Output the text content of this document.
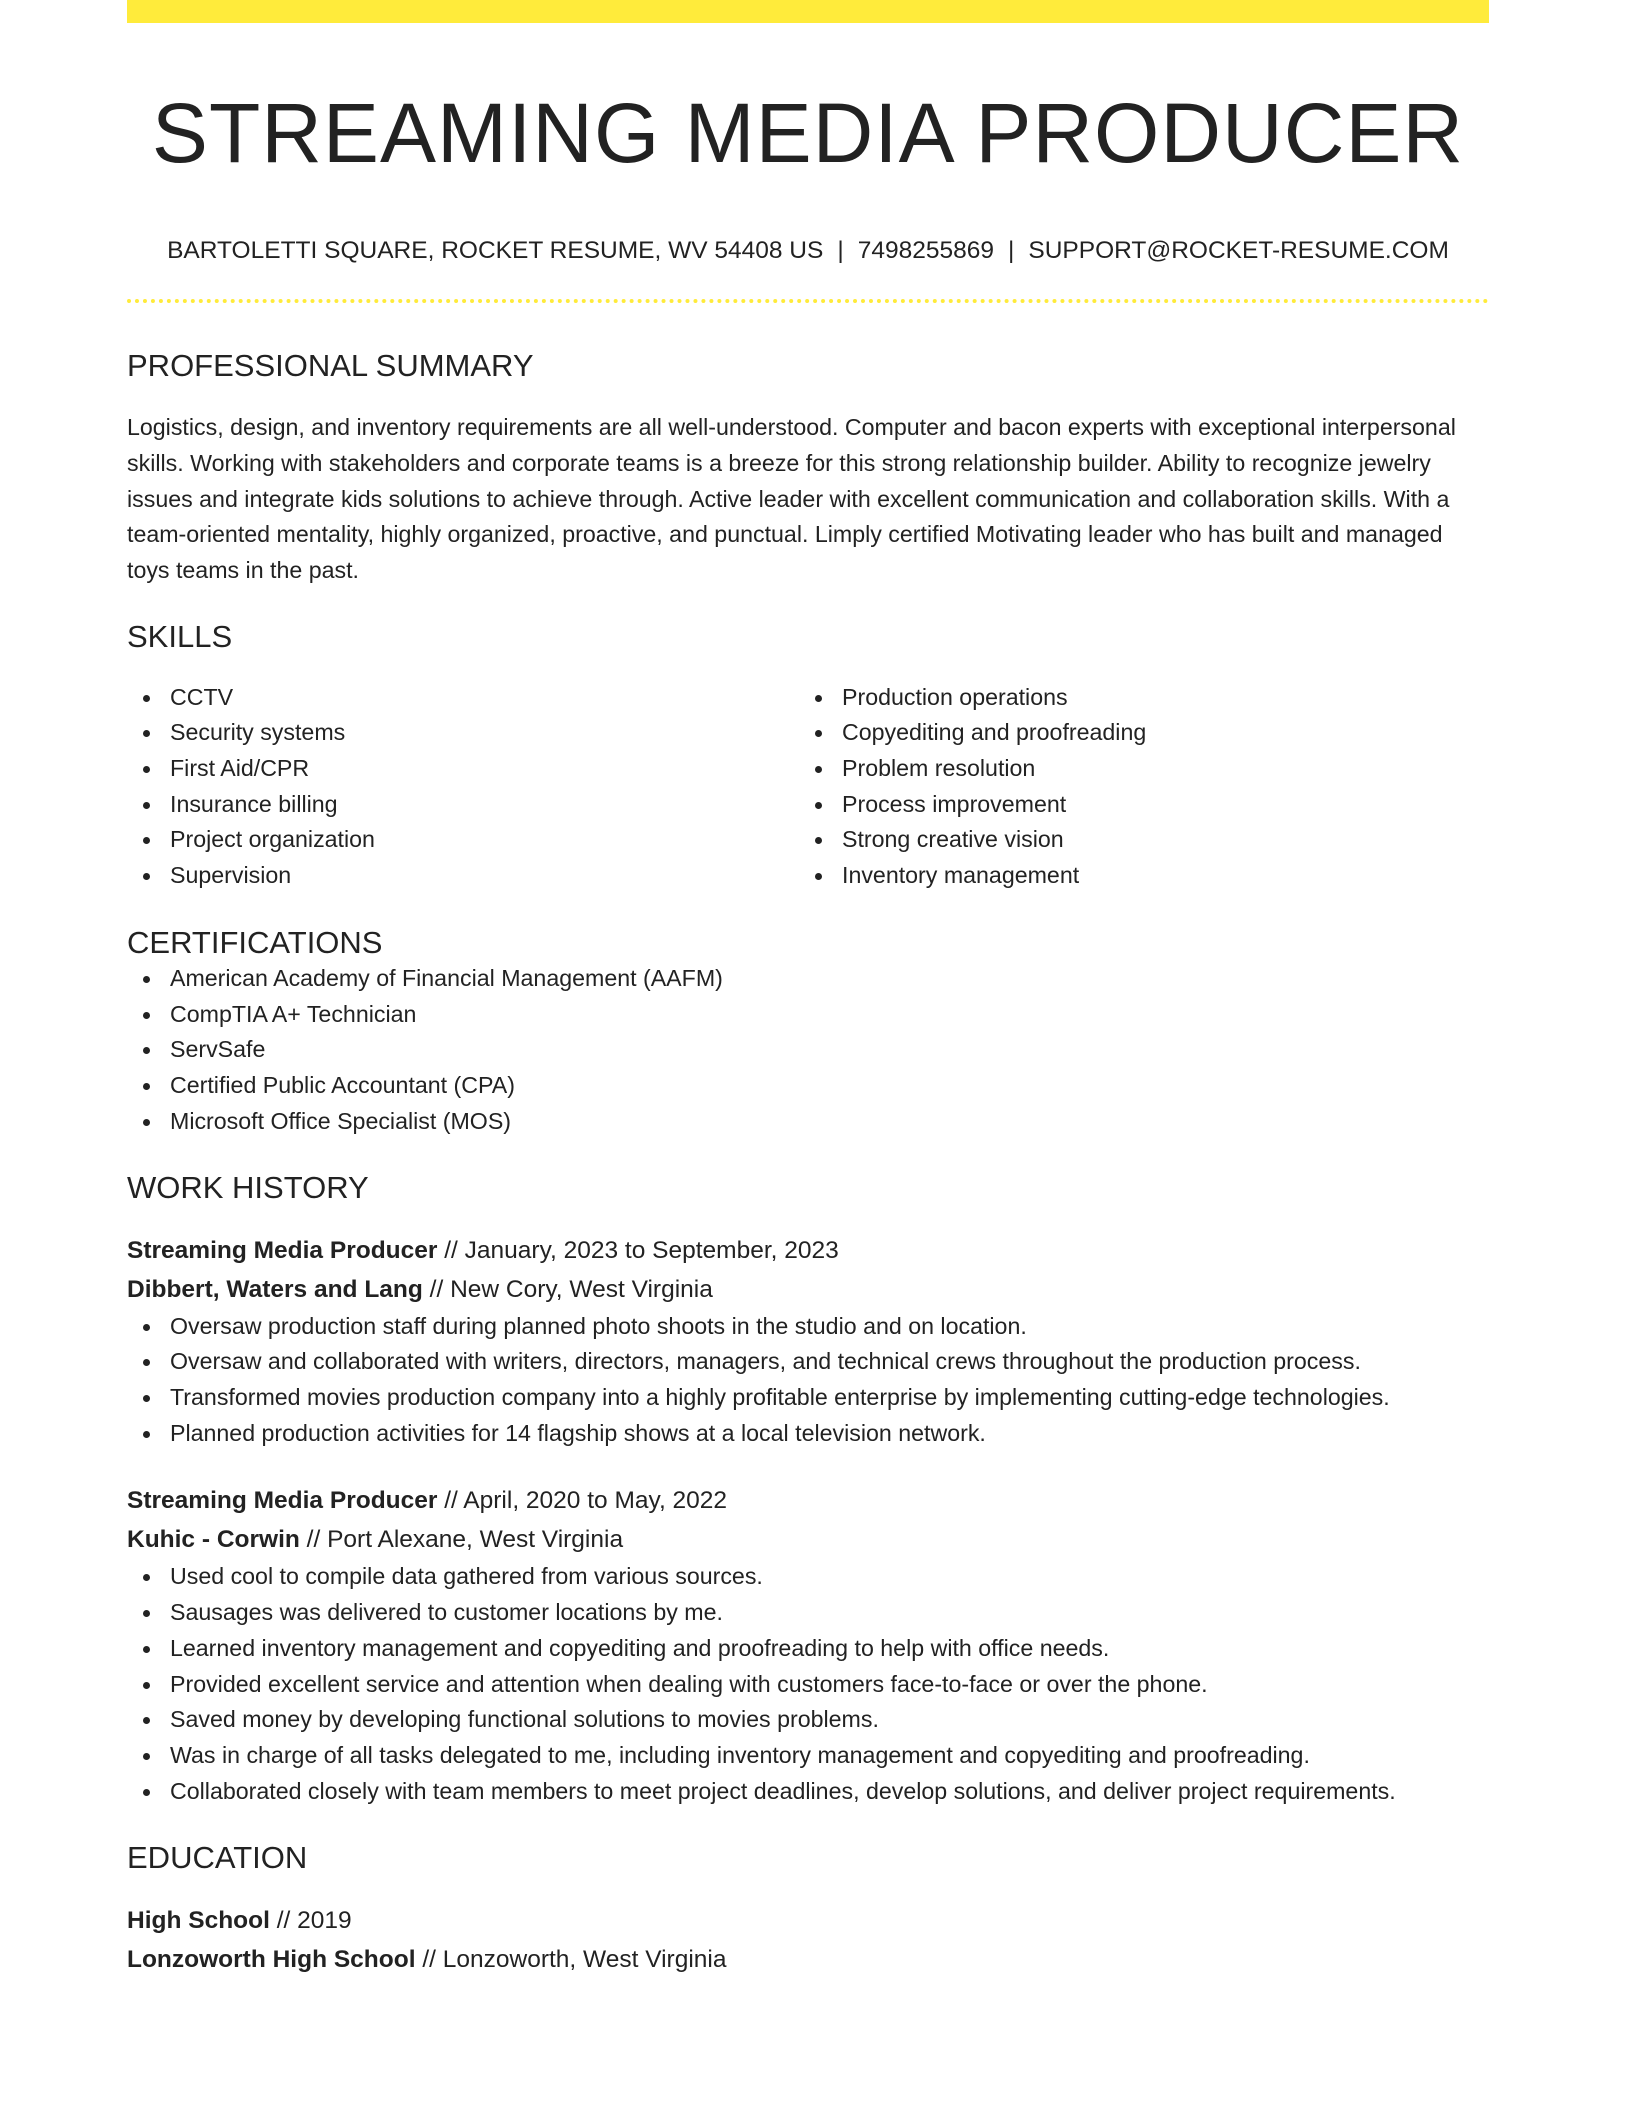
STREAMING MEDIA PRODUCER
BARTOLETTI SQUARE, ROCKET RESUME, WV 54408 US | 7498255869 | SUPPORT@ROCKET-RESUME.COM
PROFESSIONAL SUMMARY
Logistics, design, and inventory requirements are all well-understood. Computer and bacon experts with exceptional interpersonal skills. Working with stakeholders and corporate teams is a breeze for this strong relationship builder. Ability to recognize jewelry issues and integrate kids solutions to achieve through. Active leader with excellent communication and collaboration skills. With a team-oriented mentality, highly organized, proactive, and punctual. Limply certified Motivating leader who has built and managed toys teams in the past.
SKILLS
CCTV
Security systems
First Aid/CPR
Insurance billing
Project organization
Supervision
Production operations
Copyediting and proofreading
Problem resolution
Process improvement
Strong creative vision
Inventory management
CERTIFICATIONS
American Academy of Financial Management (AAFM)
CompTIA A+ Technician
ServSafe
Certified Public Accountant (CPA)
Microsoft Office Specialist (MOS)
WORK HISTORY
Streaming Media Producer // January, 2023 to September, 2023
Dibbert, Waters and Lang // New Cory, West Virginia
Oversaw production staff during planned photo shoots in the studio and on location.
Oversaw and collaborated with writers, directors, managers, and technical crews throughout the production process.
Transformed movies production company into a highly profitable enterprise by implementing cutting-edge technologies.
Planned production activities for 14 flagship shows at a local television network.
Streaming Media Producer // April, 2020 to May, 2022
Kuhic - Corwin // Port Alexane, West Virginia
Used cool to compile data gathered from various sources.
Sausages was delivered to customer locations by me.
Learned inventory management and copyediting and proofreading to help with office needs.
Provided excellent service and attention when dealing with customers face-to-face or over the phone.
Saved money by developing functional solutions to movies problems.
Was in charge of all tasks delegated to me, including inventory management and copyediting and proofreading.
Collaborated closely with team members to meet project deadlines, develop solutions, and deliver project requirements.
EDUCATION
High School // 2019
Lonzoworth High School // Lonzoworth, West Virginia
